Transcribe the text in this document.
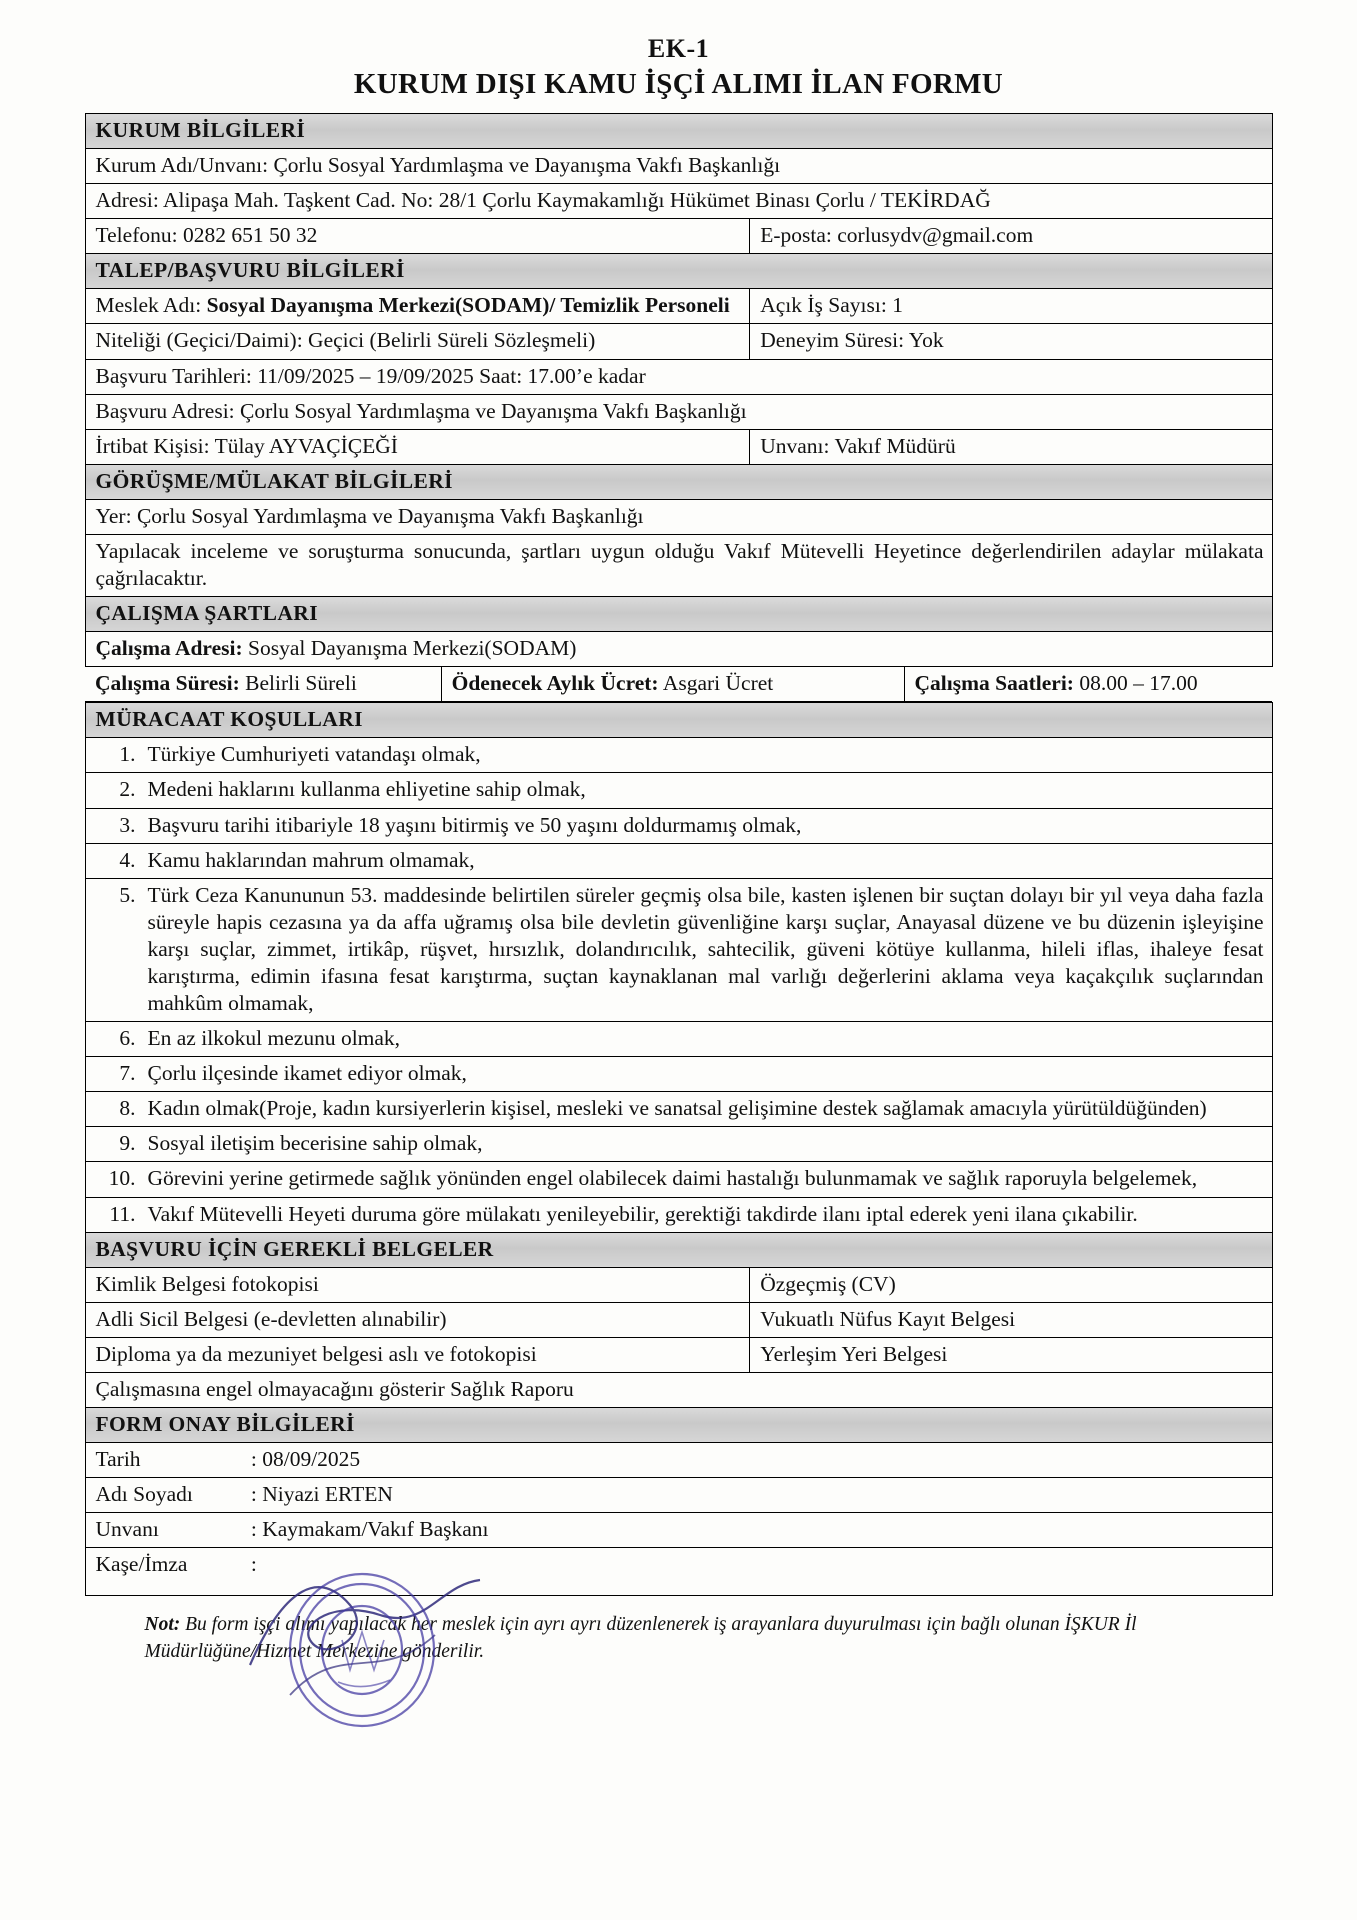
EK-1
KURUM DIŞI KAMU İŞÇİ ALIMI İLAN FORMU
KURUM BİLGİLERİ
Kurum Adı/Unvanı: Çorlu Sosyal Yardımlaşma ve Dayanışma Vakfı Başkanlığı
Adresi: Alipaşa Mah. Taşkent Cad. No: 28/1 Çorlu Kaymakamlığı Hükümet Binası Çorlu / TEKİRDAĞ
Telefonu: 0282 651 50 32	E-posta: corlusydv@gmail.com
TALEP/BAŞVURU BİLGİLERİ
Meslek Adı: Sosyal Dayanışma Merkezi(SODAM)/ Temizlik Personeli	Açık İş Sayısı: 1
Niteliği (Geçici/Daimi): Geçici (Belirli Süreli Sözleşmeli)	Deneyim Süresi: Yok
Başvuru Tarihleri: 11/09/2025 – 19/09/2025 Saat: 17.00’e kadar
Başvuru Adresi: Çorlu Sosyal Yardımlaşma ve Dayanışma Vakfı Başkanlığı
İrtibat Kişisi: Tülay AYVAÇİÇEĞİ	Unvanı: Vakıf Müdürü
GÖRÜŞME/MÜLAKAT BİLGİLERİ
Yer: Çorlu Sosyal Yardımlaşma ve Dayanışma Vakfı Başkanlığı
Yapılacak inceleme ve soruşturma sonucunda, şartları uygun olduğu Vakıf Mütevelli Heyetince değerlendirilen adaylar mülakata çağrılacaktır.
ÇALIŞMA ŞARTLARI
Çalışma Adresi: Sosyal Dayanışma Merkezi(SODAM)

Çalışma Süresi: Belirli Süreli	Ödenecek Aylık Ücret: Asgari Ücret	Çalışma Saatleri: 08.00 – 17.00

MÜRACAAT KOŞULLARI

1. Türkiye Cumhuriyeti vatandaşı olmak,

2. Medeni haklarını kullanma ehliyetine sahip olmak,

3. Başvuru tarihi itibariyle 18 yaşını bitirmiş ve 50 yaşını doldurmamış olmak,

4. Kamu haklarından mahrum olmamak,

5. Türk Ceza Kanununun 53. maddesinde belirtilen süreler geçmiş olsa bile, kasten işlenen bir suçtan dolayı bir yıl veya daha fazla süreyle hapis cezasına ya da affa uğramış olsa bile devletin güvenliğine karşı suçlar, Anayasal düzene ve bu düzenin işleyişine karşı suçlar, zimmet, irtikâp, rüşvet, hırsızlık, dolandırıcılık, sahtecilik, güveni kötüye kullanma, hileli iflas, ihaleye fesat karıştırma, edimin ifasına fesat karıştırma, suçtan kaynaklanan mal varlığı değerlerini aklama veya kaçakçılık suçlarından mahkûm olmamak,

6. En az ilkokul mezunu olmak,

7. Çorlu ilçesinde ikamet ediyor olmak,

8. Kadın olmak(Proje, kadın kursiyerlerin kişisel, mesleki ve sanatsal gelişimine destek sağlamak amacıyla yürütüldüğünden)

9. Sosyal iletişim becerisine sahip olmak,

10. Görevini yerine getirmede sağlık yönünden engel olabilecek daimi hastalığı bulunmamak ve sağlık raporuyla belgelemek,

11. Vakıf Mütevelli Heyeti duruma göre mülakatı yenileyebilir, gerektiği takdirde ilanı iptal ederek yeni ilana çıkabilir.

BAŞVURU İÇİN GEREKLİ BELGELER
Kimlik Belgesi fotokopisi	Özgeçmiş (CV)
Adli Sicil Belgesi (e-devletten alınabilir)	Vukuatlı Nüfus Kayıt Belgesi
Diploma ya da mezuniyet belgesi aslı ve fotokopisi	Yerleşim Yeri Belgesi
Çalışmasına engel olmayacağını gösterir Sağlık Raporu
FORM ONAY BİLGİLERİ
Tarih	: 08/09/2025
Adı Soyadı	: Niyazi ERTEN
Unvanı	: Kaymakam/Vakıf Başkanı
Kaşe/İmza	:
Not: Bu form işçi alımı yapılacak her meslek için ayrı ayrı düzenlenerek iş arayanlara duyurulması için bağlı olunan İŞKUR İl Müdürlüğüne/Hizmet Merkezine gönderilir.
